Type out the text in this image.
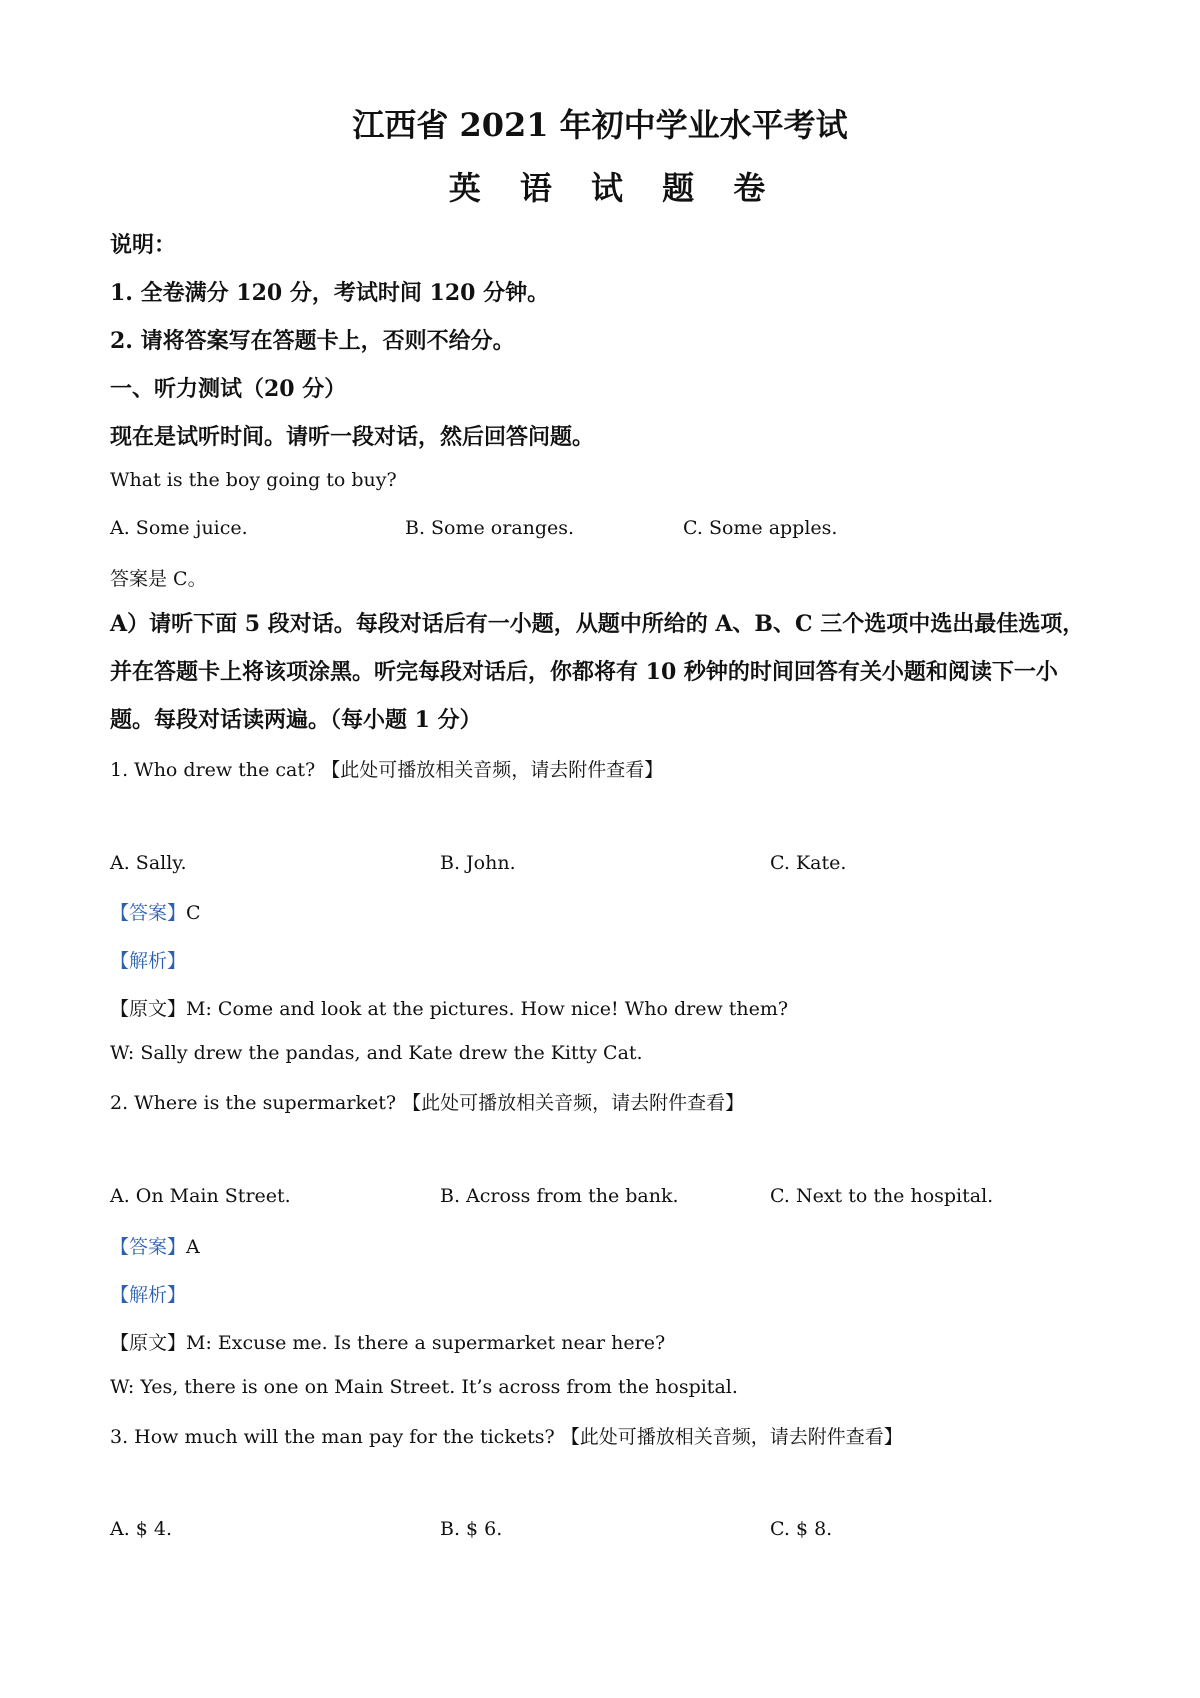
江西省 2021 年初中学业水平考试
英 语 试 题 卷
说明：
1. 全卷满分 120 分，考试时间 120 分钟。
2. 请将答案写在答题卡上，否则不给分。
一、听力测试（20 分）
现在是试听时间。请听一段对话，然后回答问题。
What is the boy going to buy?
A. Some juice.	B. Some oranges.	C. Some apples.
答案是 C。
A）请听下面 5 段对话。每段对话后有一小题，从题中所给的 A、B、C 三个选项中选出最佳选项，并在答题卡上将该项涂黑。听完每段对话后，你都将有 10 秒钟的时间回答有关小题和阅读下一小题。每段对话读两遍。（每小题 1 分）
1. Who drew the cat? 【此处可播放相关音频，请去附件查看】
A. Sally.	B. John.	C. Kate.
【答案】C
【解析】
【原文】M: Come and look at the pictures. How nice! Who drew them?
W: Sally drew the pandas, and Kate drew the Kitty Cat.
2. Where is the supermarket? 【此处可播放相关音频，请去附件查看】
A. On Main Street.	B. Across from the bank.	C. Next to the hospital.
【答案】A
【解析】
【原文】M: Excuse me. Is there a supermarket near here?
W: Yes, there is one on Main Street. It’s across from the hospital.
3. How much will the man pay for the tickets? 【此处可播放相关音频，请去附件查看】
A. $ 4.	B. $ 6.	C. $ 8.
